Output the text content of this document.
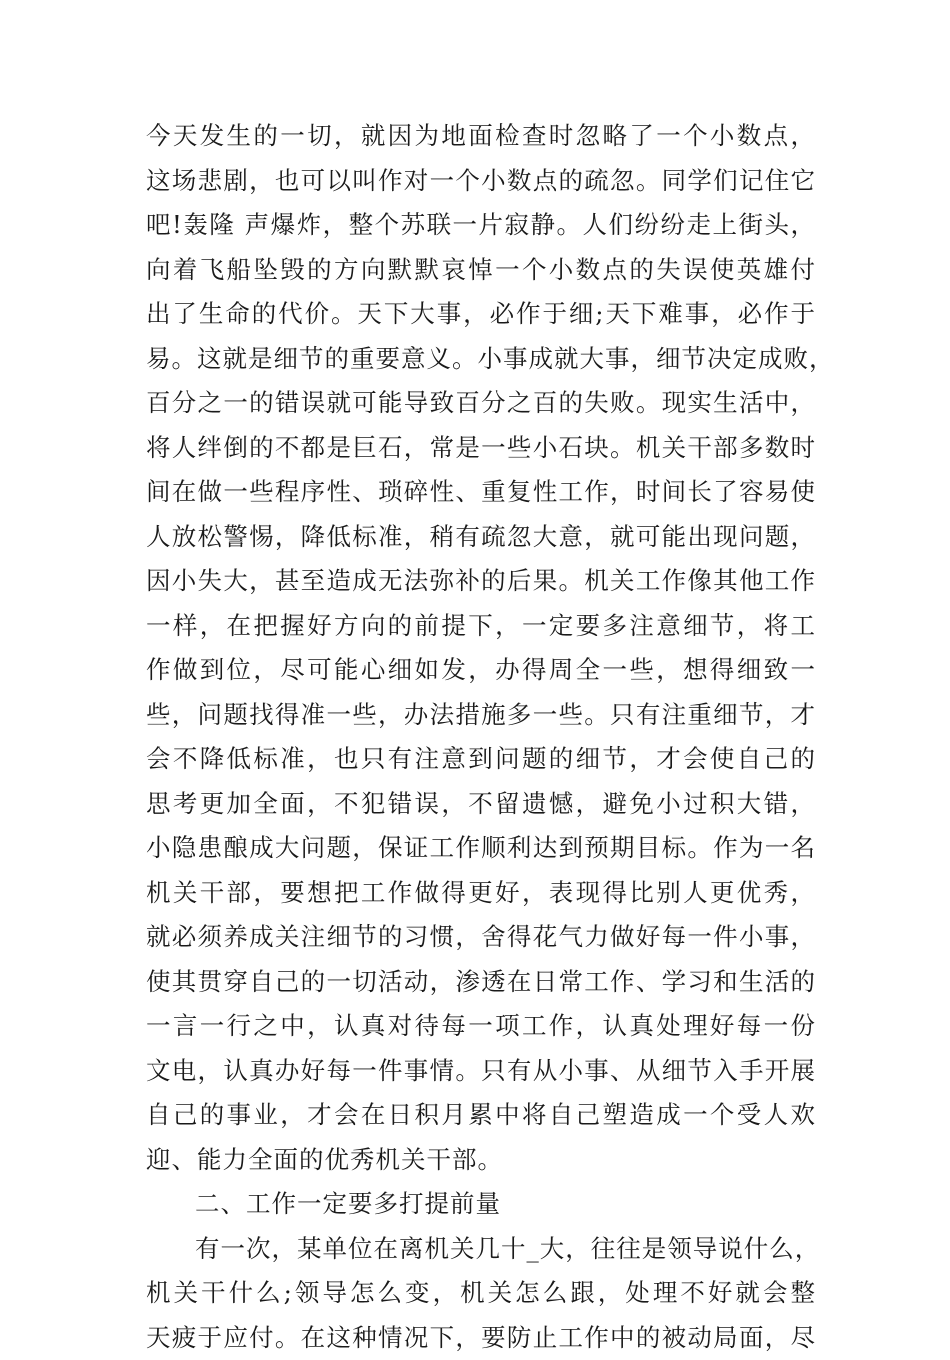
今天发生的一切，就因为地面检查时忽略了一个小数点，
这场悲剧，也可以叫作对一个小数点的疏忽。同学们记住它
吧!轰隆 声爆炸，整个苏联一片寂静。人们纷纷走上街头，
向着飞船坠毁的方向默默哀悼一个小数点的失误使英雄付
出了生命的代价。天下大事，必作于细;天下难事，必作于
易。这就是细节的重要意义。小事成就大事，细节决定成败，
百分之一的错误就可能导致百分之百的失败。现实生活中，
将人绊倒的不都是巨石，常是一些小石块。机关干部多数时
间在做一些程序性、琐碎性、重复性工作，时间长了容易使
人放松警惕，降低标准，稍有疏忽大意，就可能出现问题，
因小失大，甚至造成无法弥补的后果。机关工作像其他工作
一样，在把握好方向的前提下，一定要多注意细节，将工
作做到位，尽可能心细如发，办得周全一些，想得细致一
些，问题找得准一些，办法措施多一些。只有注重细节，才
会不降低标准，也只有注意到问题的细节，才会使自己的
思考更加全面，不犯错误，不留遗憾，避免小过积大错，
小隐患酿成大问题，保证工作顺利达到预期目标。作为一名
机关干部，要想把工作做得更好，表现得比别人更优秀，
就必须养成关注细节的习惯，舍得花气力做好每一件小事，
使其贯穿自己的一切活动，渗透在日常工作、学习和生活的
一言一行之中，认真对待每一项工作，认真处理好每一份
文电，认真办好每一件事情。只有从小事、从细节入手开展
自己的事业，才会在日积月累中将自己塑造成一个受人欢
迎、能力全面的优秀机关干部。
二、工作一定要多打提前量
有一次，某单位在离机关几十_大，往往是领导说什么，
机关干什么;领导怎么变，机关怎么跟，处理不好就会整
天疲于应付。在这种情况下，要防止工作中的被动局面，尽
